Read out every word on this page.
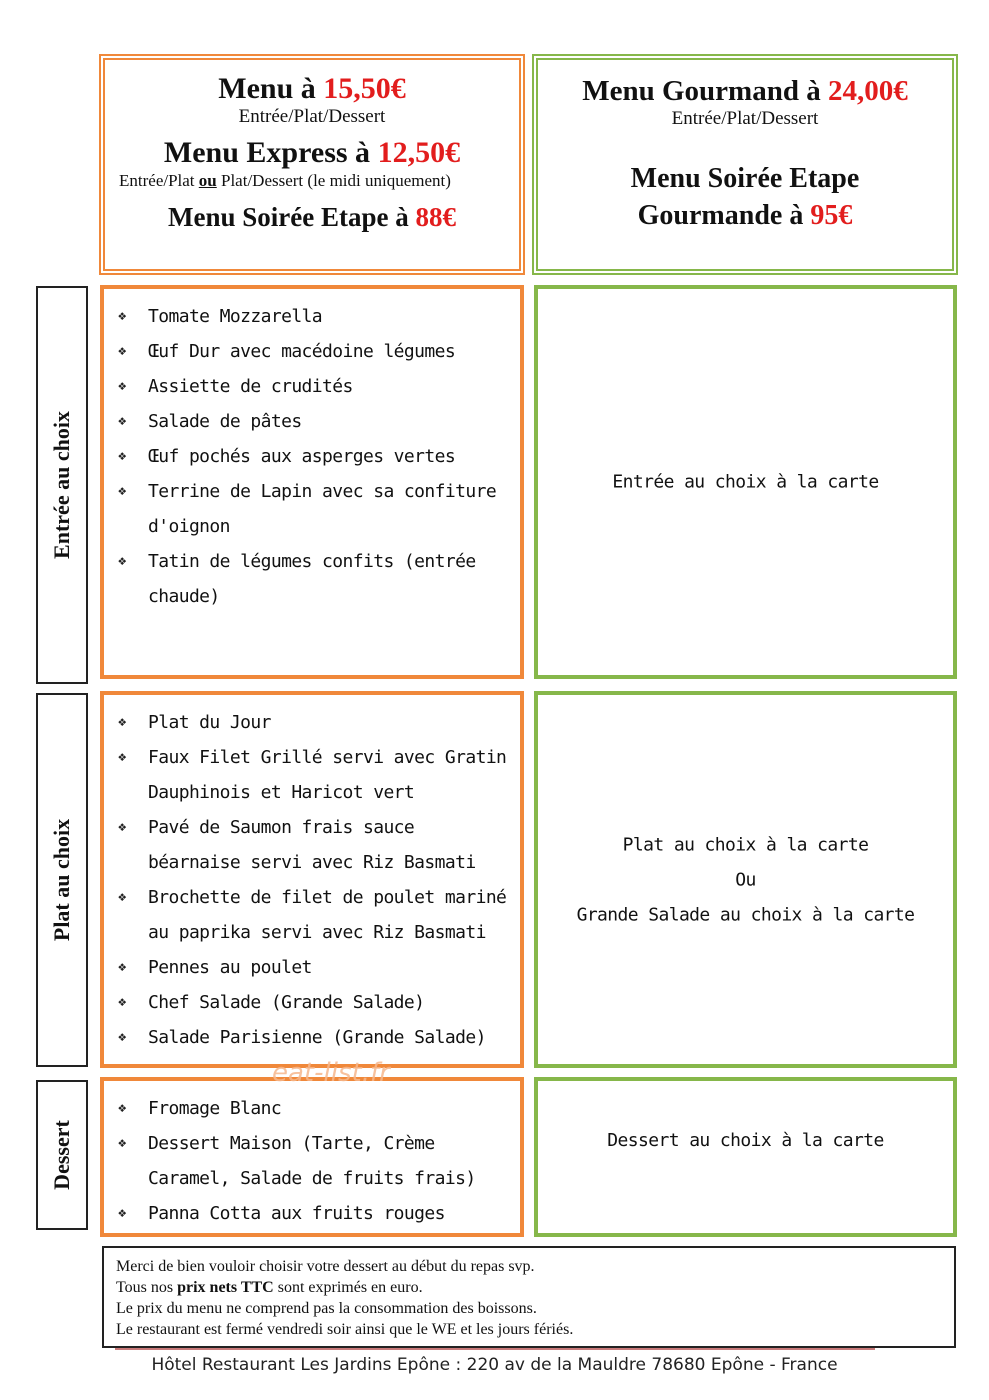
Menu à 15,50€
Entrée/Plat/Dessert
Menu Express à 12,50€
Entrée/Plat ou Plat/Dessert (le midi uniquement)
Menu Soirée Etape à 88€
Menu Gourmand à 24,00€
Entrée/Plat/Dessert
Menu Soirée Etape
Gourmande à 95€
Entrée au choix
❖ Tomate Mozzarella
❖ Œuf Dur avec macédoine légumes
❖ Assiette de crudités
❖ Salade de pâtes
❖ Œuf pochés aux asperges vertes
❖ Terrine de Lapin avec sa confiture d'oignon
❖ Tatin de légumes confits (entrée chaude)
Entrée au choix à la carte
Plat au choix
❖ Plat du Jour
❖ Faux Filet Grillé servi avec Gratin Dauphinois et Haricot vert
❖ Pavé de Saumon frais sauce béarnaise servi avec Riz Basmati
❖ Brochette de filet de poulet mariné au paprika servi avec Riz Basmati
❖ Pennes au poulet
❖ Chef Salade (Grande Salade)
❖ Salade Parisienne (Grande Salade)
Plat au choix à la carte
Ou
Grande Salade au choix à la carte
Dessert
❖ Fromage Blanc
❖ Dessert Maison (Tarte, Crème Caramel, Salade de fruits frais)
❖ Panna Cotta aux fruits rouges
Dessert au choix à la carte
eat-list.fr
Merci de bien vouloir choisir votre dessert au début du repas svp.
Tous nos prix nets TTC sont exprimés en euro.
Le prix du menu ne comprend pas la consommation des boissons.
Le restaurant est fermé vendredi soir ainsi que le WE et les jours fériés.
Hôtel Restaurant Les Jardins Epône : 220 av de la Mauldre 78680 Epône - France
